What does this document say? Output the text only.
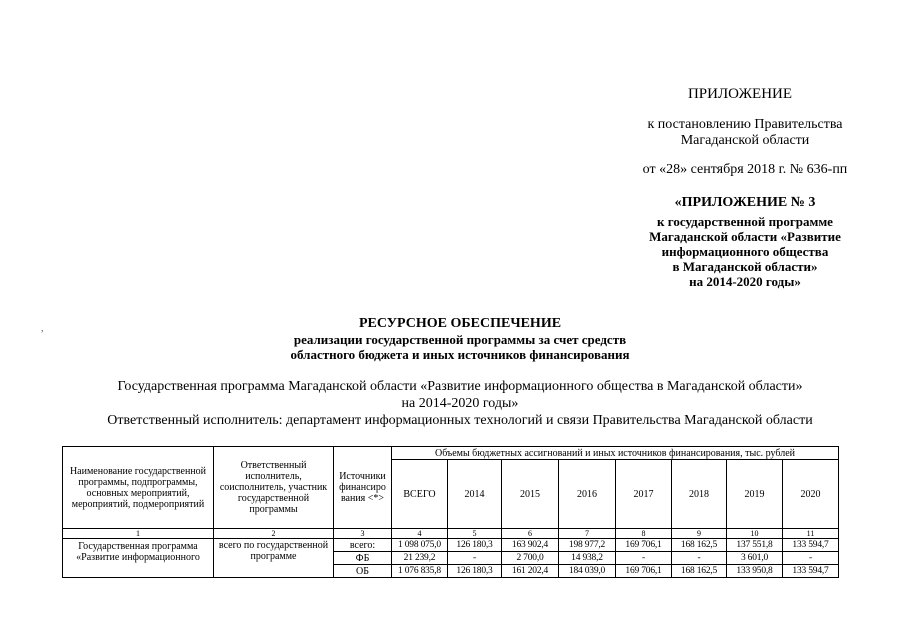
ПРИЛОЖЕНИЕ
к постановлению Правительства
Магаданской области
от «28» сентября 2018 г. № 636-пп
«ПРИЛОЖЕНИЕ № 3
к государственной программе
Магаданской области «Развитие
информационного общества
в Магаданской области»
на 2014-2020 годы»
,	РЕСУРСНОЕ ОБЕСПЕЧЕНИЕ
реализации государственной программы за счет средств
областного бюджета и иных источников финансирования
Государственная программа Магаданской области «Развитие информационного общества в Магаданской области»
на 2014-2020 годы»
Ответственный исполнитель: департамент информационных технологий и связи Правительства Магаданской области
Наименование государственной программы, подпрограммы, основных мероприятий, мероприятий, подмероприятий	Ответственный исполнитель, соисполнитель, участник государственной программы	Источники финансиро вания <*>	Объемы бюджетных ассигнований и иных источников финансирования, тыс. рублей							
			ВСЕГО	2014	2015	2016	2017	2018	2019	2020
1	2	3	4	5	6	7	8	9	10	11
Государственная программа «Развитие информационного	всего по государственной программе	всего:	1 098 075,0	126 180,3	163 902,4	198 977,2	169 706,1	168 162,5	137 551,8	133 594,7
		ФБ	21 239,2	-	2 700,0	14 938,2	-	-	3 601,0	-
		ОБ	1 076 835,8	126 180,3	161 202,4	184 039,0	169 706,1	168 162,5	133 950,8	133 594,7
